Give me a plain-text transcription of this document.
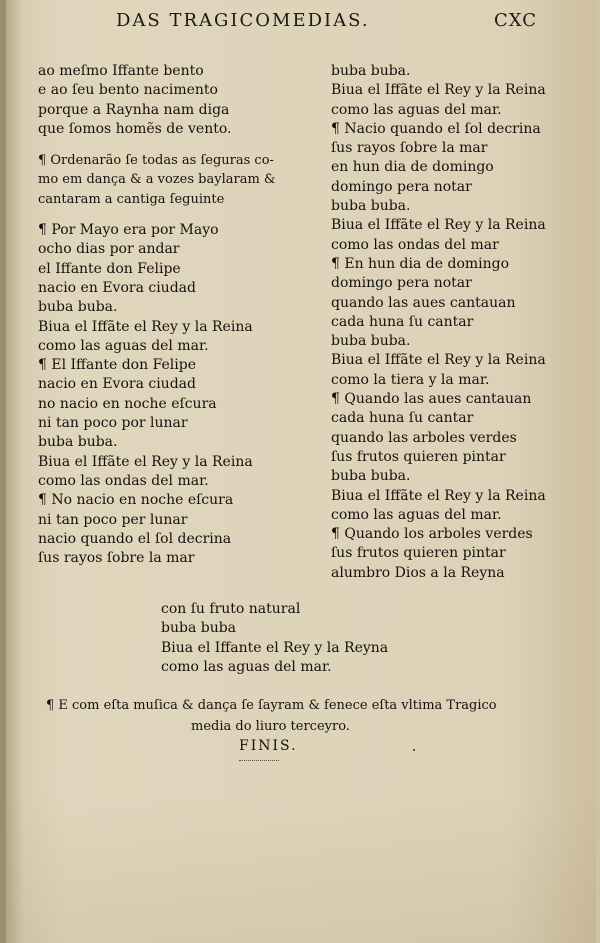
DAS TRAGICOMEDIAS.	CXC
ao meſmo Iffante bento
e ao ſeu bento nacimento
porque a Raynha nam diga
que ſomos homẽs de vento.
¶ Ordenarão ſe todas as ſeguras co-
mo em dança & a vozes baylaram &
cantaram a cantiga ſeguinte
¶ Por Mayo era por Mayo
ocho dias por andar
el Iffante don Felipe
nacio en Evora ciudad
buba buba.
Biua el Iffãte el Rey y la Reina
como las aguas del mar.
¶ El Iffante don Felipe
nacio en Evora ciudad
no nacio en noche eſcura
ni tan poco por lunar
buba buba.
Biua el Iffãte el Rey y la Reina
como las ondas del mar.
¶ No nacio en noche eſcura
ni tan poco per lunar
nacio quando el ſol decrina
ſus rayos ſobre la mar
buba buba.
Biua el Iffãte el Rey y la Reina
como las aguas del mar.
¶ Nacio quando el ſol decrina
ſus rayos ſobre la mar
en hun dia de domingo
domingo pera notar
buba buba.
Biua el Iffãte el Rey y la Reina
como las ondas del mar
¶ En hun dia de domingo
domingo pera notar
quando las aues cantauan
cada huna ſu cantar
buba buba.
Biua el Iffãte el Rey y la Reina
como la tiera y la mar.
¶ Quando las aues cantauan
cada huna ſu cantar
quando las arboles verdes
ſus frutos quieren pintar
buba buba.
Biua el Iffãte el Rey y la Reina
como las aguas del mar.
¶ Quando los arboles verdes
ſus frutos quieren pintar
alumbro Dios a la Reyna
con ſu fruto natural
buba buba
Biua el Iffante el Rey y la Reyna
como las aguas del mar.
¶ E com eſta muſica & dança ſe ſayram & fenece eſta vltima Tragico
media do liuro terceyro.
FINIS.
